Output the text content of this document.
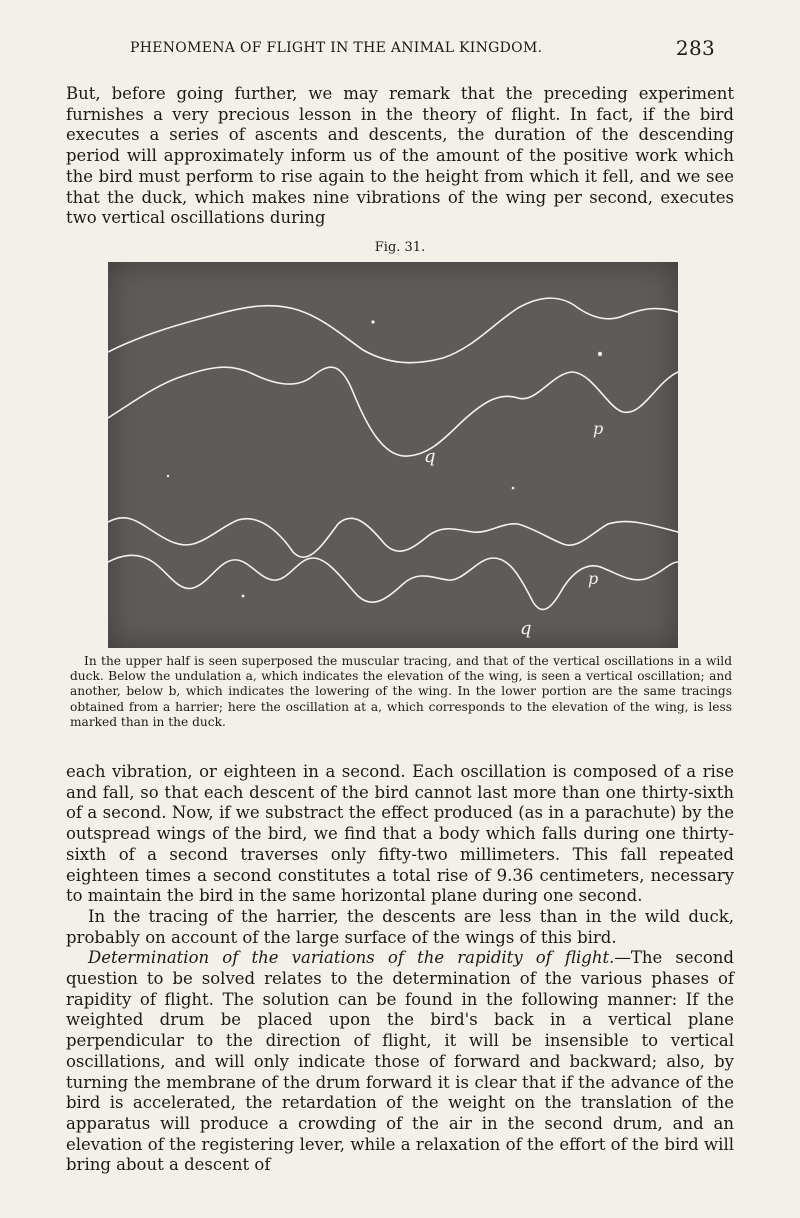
PHENOMENA OF FLIGHT IN THE ANIMAL KINGDOM.	283

But, before going further, we may remark that the preceding experiment furnishes a very precious lesson in the theory of flight. In fact, if the bird executes a series of ascents and descents, the duration of the descending period will approximately inform us of the amount of the positive work which the bird must perform to rise again to the height from which it fell, and we see that the duck, which makes nine vibrations of the wing per second, executes two vertical oscillations during

Fig. 31.
q
p
q
p

In the upper half is seen superposed the muscular tracing, and that of the vertical oscillations in a wild duck. Below the undulation a, which indicates the elevation of the wing, is seen a vertical oscillation; and another, below b, which indicates the lowering of the wing. In the lower portion are the same tracings obtained from a harrier; here the oscillation at a, which corresponds to the elevation of the wing, is less marked than in the duck.

each vibration, or eighteen in a second. Each oscillation is composed of a rise and fall, so that each descent of the bird cannot last more than one thirty-sixth of a second. Now, if we substract the effect produced (as in a parachute) by the outspread wings of the bird, we find that a body which falls during one thirty-sixth of a second traverses only fifty-two millimeters. This fall repeated eighteen times a second constitutes a total rise of 9.36 centimeters, necessary to maintain the bird in the same horizontal plane during one second.

In the tracing of the harrier, the descents are less than in the wild duck, probably on account of the large surface of the wings of this bird.

Determination of the variations of the rapidity of flight.—The second question to be solved relates to the determination of the various phases of rapidity of flight. The solution can be found in the following manner: If the weighted drum be placed upon the bird's back in a vertical plane perpendicular to the direction of flight, it will be insensible to vertical oscillations, and will only indicate those of forward and backward; also, by turning the membrane of the drum forward it is clear that if the advance of the bird is accelerated, the retardation of the weight on the translation of the apparatus will produce a crowding of the air in the second drum, and an elevation of the registering lever, while a relaxation of the effort of the bird will bring about a descent of
